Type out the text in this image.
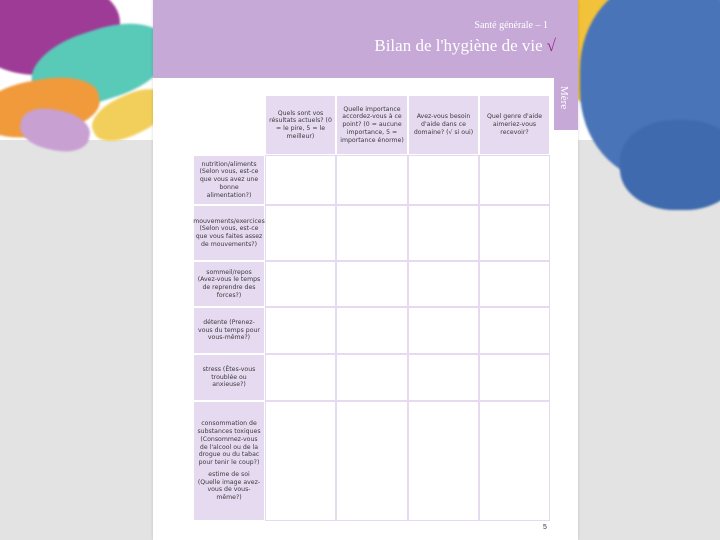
Santé générale – 1
Bilan de l'hygiène de vie √
Mère
Quels sont vos résultats actuels? (0 = le pire, 5 = le meilleur)
Quelle importance accordez-vous à ce point? (0 = aucune importance, 5 = importance énorme)
Avez-vous besoin d'aide dans ce domaine? (√ si oui)
Quel genre d'aide aimeriez-vous recevoir?
nutrition/aliments (Selon vous, est-ce que vous avez une bonne alimentation?)
mouvements/exercices (Selon vous, est-ce que vous faites assez de mouvements?)
sommeil/repos (Avez-vous le temps de reprendre des forces?)
détente (Prenez-vous du temps pour vous-même?)
stress (Êtes-vous troublée ou anxieuse?)
consommation de substances toxiques (Consommez-vous de l'alcool ou de la drogue ou du tabac pour tenir le coup?)
estime de soi (Quelle image avez-vous de vous-même?)
5
